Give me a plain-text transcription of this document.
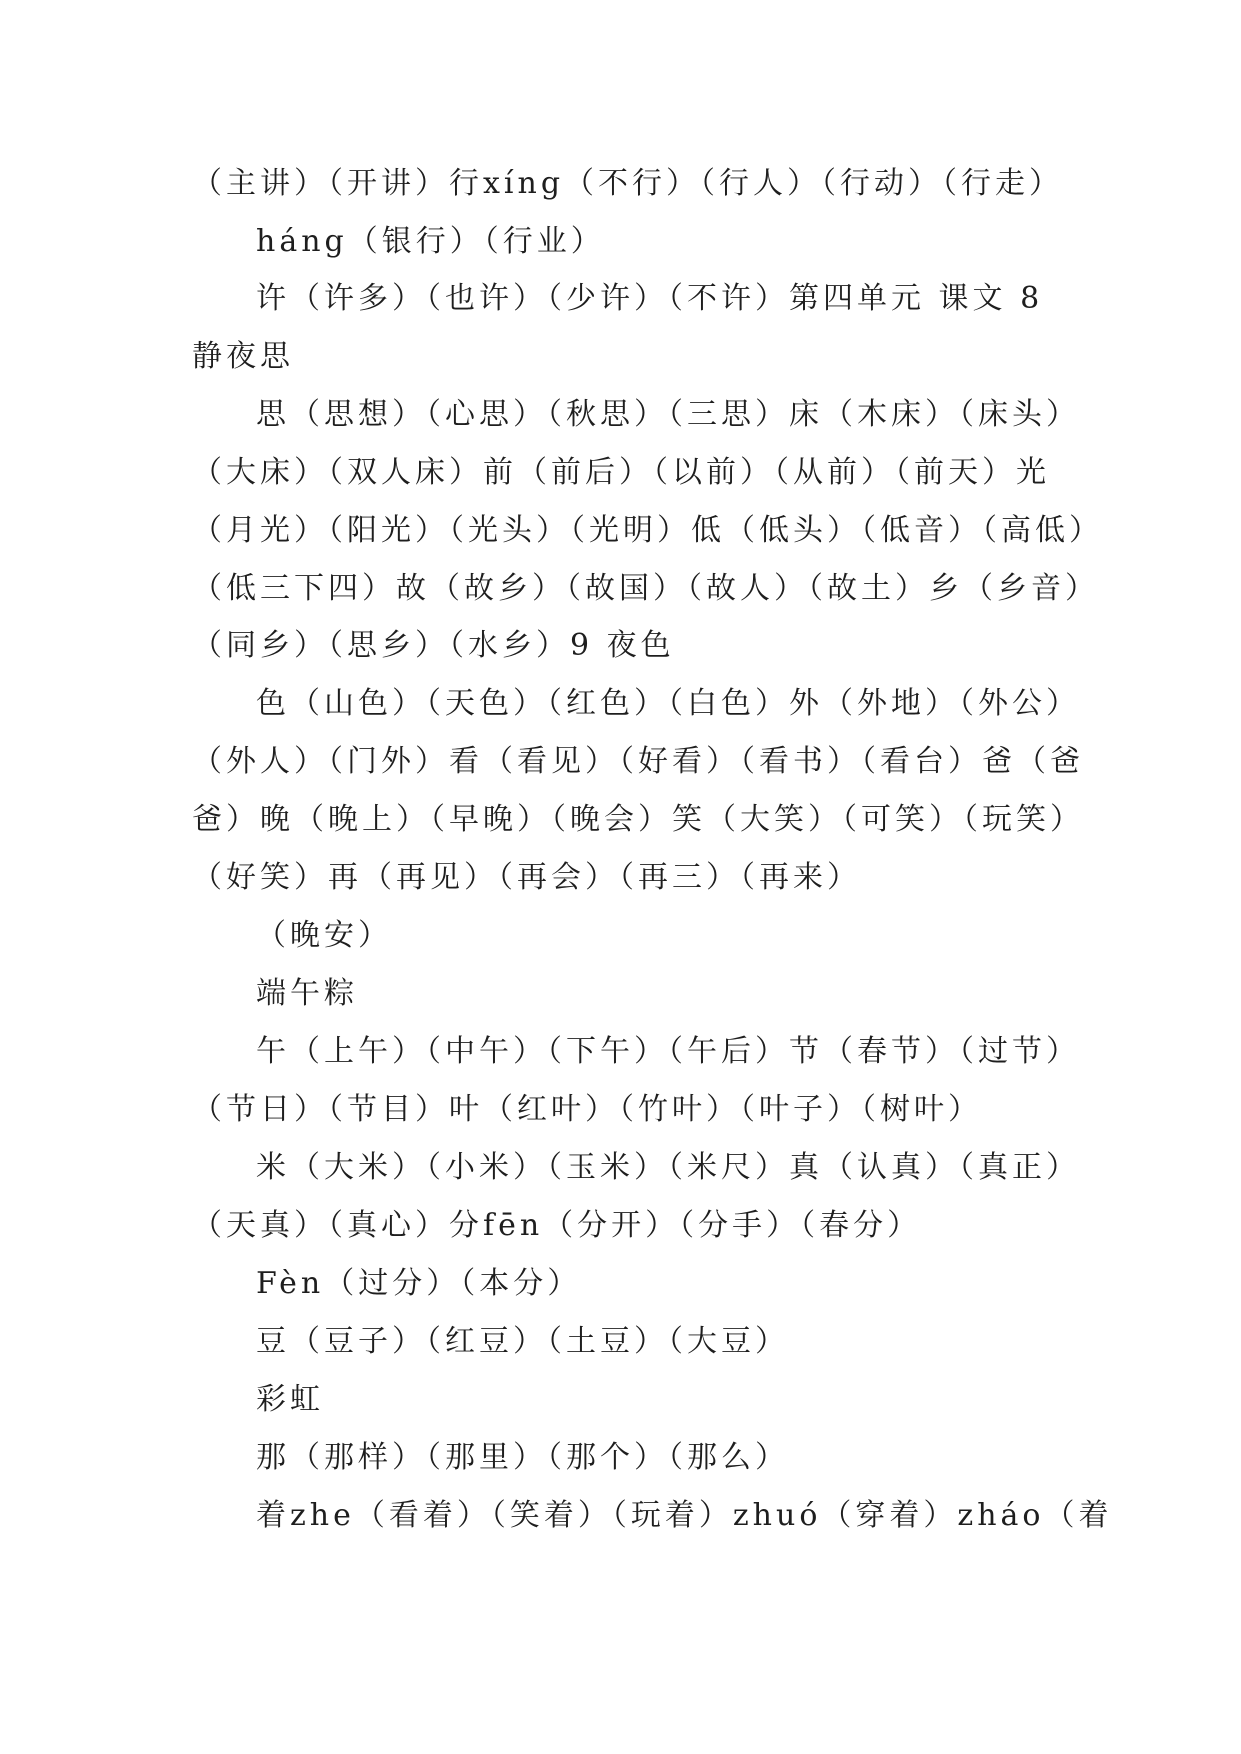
（主讲）（开讲）行xíng（不行）（行人）（行动）（行走）
háng（银行）（行业）
许（许多）（也许）（少许）（不许）第四单元 课文 8
静夜思
思（思想）（心思）（秋思）（三思）床（木床）（床头）
（大床）（双人床）前（前后）（以前）（从前）（前天）光
（月光）（阳光）（光头）（光明）低（低头）（低音）（高低）
（低三下四）故（故乡）（故国）（故人）（故土）乡（乡音）
（同乡）（思乡）（水乡）9 夜色
色（山色）（天色）（红色）（白色）外（外地）（外公）
（外人）（门外）看（看见）（好看）（看书）（看台）爸（爸
爸）晚（晚上）（早晚）（晚会）笑（大笑）（可笑）（玩笑）
（好笑）再（再见）（再会）（再三）（再来）
（晚安）
端午粽
午（上午）（中午）（下午）（午后）节（春节）（过节）
（节日）（节目）叶（红叶）（竹叶）（叶子）（树叶）
米（大米）（小米）（玉米）（米尺）真（认真）（真正）
（天真）（真心）分fēn（分开）（分手）（春分）
Fèn（过分）（本分）
豆（豆子）（红豆）（土豆）（大豆）
彩虹
那（那样）（那里）（那个）（那么）
着zhe（看着）（笑着）（玩着）zhuó（穿着）zháo（着
